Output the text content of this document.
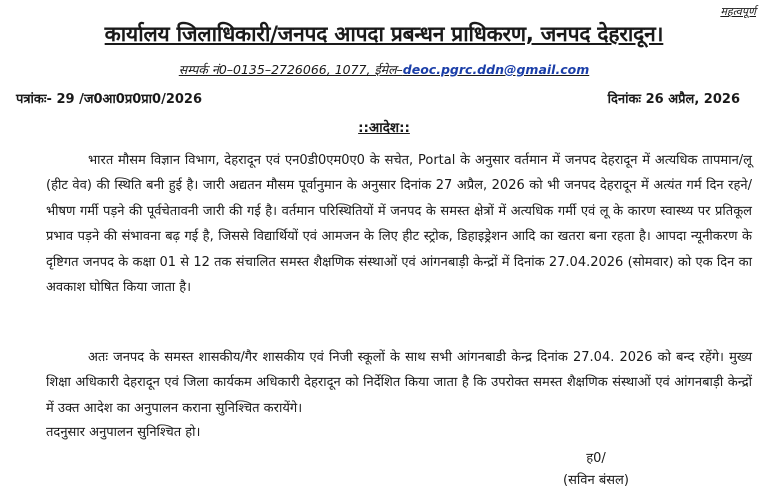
महत्वपूर्ण
कार्यालय जिलाधिकारी/जनपद आपदा प्रबन्धन प्राधिकरण, जनपद देहरादून।
सम्पर्क नं0–0135–2726066, 1077, ईमेल–deoc.pgrc.ddn@gmail.com
पत्रांकः- 29 /ज0आ0प्र0प्रा0/2026	दिनांकः 26 अप्रैल, 2026
::आदेश::

भारत मौसम विज्ञान विभाग, देहरादून एवं एन0डी0एम0ए0 के सचेत, Portal के अनुसार वर्तमान में जनपद देहरादून में अत्यधिक तापमान/लू (हीट वेव) की स्थिति बनी हुई है। जारी अद्यतन मौसम पूर्वानुमान के अनुसार दिनांक 27 अप्रैल, 2026 को भी जनपद देहरादून में अत्यंत गर्म दिन रहने/भीषण गर्मी पड़ने की पूर्वचेतावनी जारी की गई है। वर्तमान परिस्थितियों में जनपद के समस्त क्षेत्रों में अत्यधिक गर्मी एवं लू के कारण स्वास्थ्य पर प्रतिकूल प्रभाव पड़ने की संभावना बढ़ गई है, जिससे विद्यार्थियों एवं आमजन के लिए हीट स्ट्रोक, डिहाइड्रेशन आदि का खतरा बना रहता है। आपदा न्यूनीकरण के दृष्टिगत जनपद के कक्षा 01 से 12 तक संचालित समस्त शैक्षणिक संस्थाओं एवं आंगनबाड़ी केन्द्रों में दिनांक 27.04.2026 (सोमवार) को एक दिन का अवकाश घोषित किया जाता है।

अतः जनपद के समस्त शासकीय/गैर शासकीय एवं निजी स्कूलों के साथ सभी आंगनबाडी केन्द्र दिनांक 27.04. 2026 को बन्द रहेंगे। मुख्य शिक्षा अधिकारी देहरादून एवं जिला कार्यकम अधिकारी देहरादून को निर्देशित किया जाता है कि उपरोक्त समस्त शैक्षणिक संस्थाओं एवं आंगनबाड़ी केन्द्रों में उक्त आदेश का अनुपालन कराना सुनिश्चित करायेंगे।

तदनुसार अनुपालन सुनिश्चित हो।

ह0/
(सविन बंसल)
